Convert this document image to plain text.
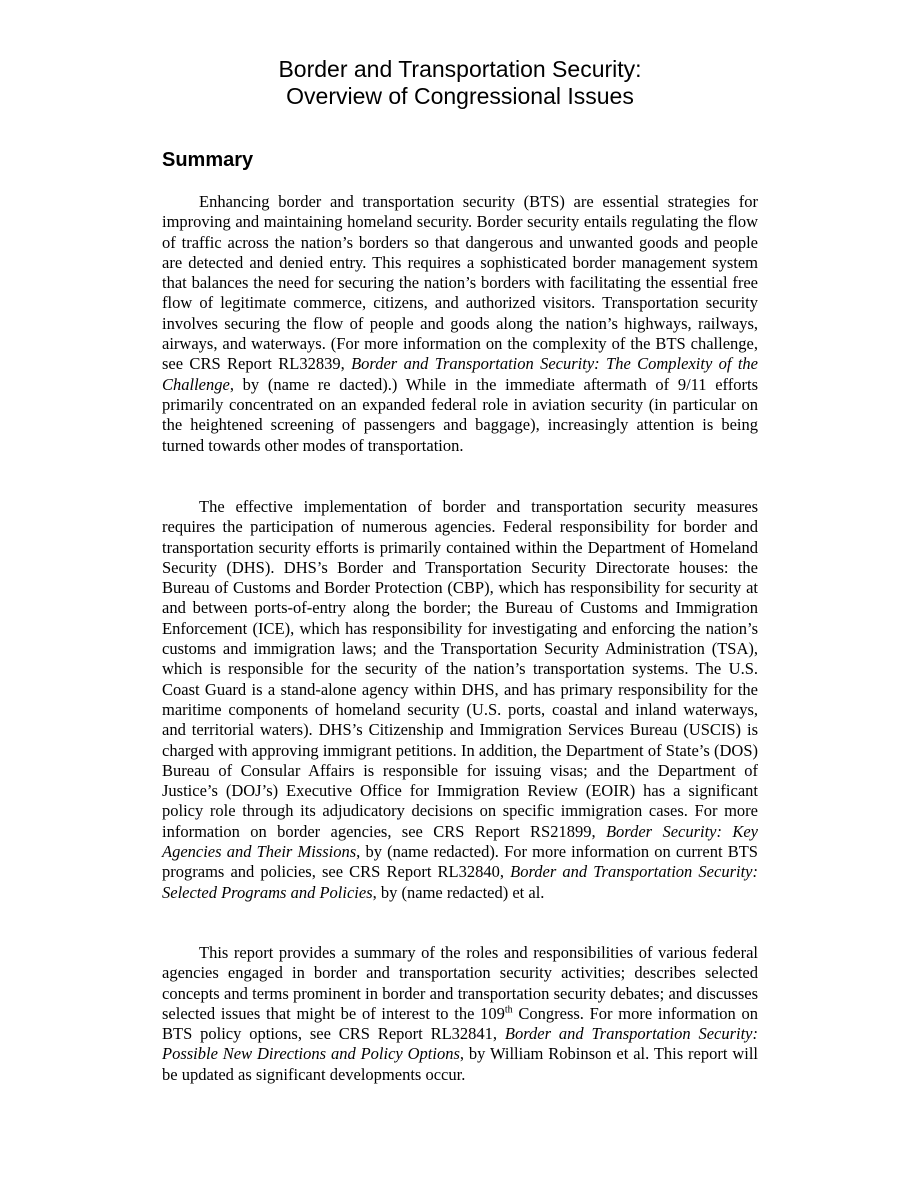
Border and Transportation Security:
Overview of Congressional Issues
Summary

Enhancing border and transportation security (BTS) are essential strategies for improving and maintaining homeland security. Border security entails regulating the flow of traffic across the nation’s borders so that dangerous and unwanted goods and people are detected and denied entry. This requires a sophisticated border management system that balances the need for securing the nation’s borders with facilitating the essential free flow of legitimate commerce, citizens, and authorized visitors. Transportation security involves securing the flow of people and goods along the nation’s highways, railways, airways, and waterways. (For more information on the complexity of the BTS challenge, see CRS Report RL32839, Border and Transportation Security: The Complexity of the Challenge, by (name re dacted).) While in the immediate aftermath of 9/11 efforts primarily concentrated on an expanded federal role in aviation security (in particular on the heightened screening of passengers and baggage), increasingly attention is being turned towards other modes of transportation.

The effective implementation of border and transportation security measures requires the participation of numerous agencies. Federal responsibility for border and transportation security efforts is primarily contained within the Department of Homeland Security (DHS). DHS’s Border and Transportation Security Directorate houses: the Bureau of Customs and Border Protection (CBP), which has responsibility for security at and between ports-of-entry along the border; the Bureau of Customs and Immigration Enforcement (ICE), which has responsibility for investigating and enforcing the nation’s customs and immigration laws; and the Transportation Security Administration (TSA), which is responsible for the security of the nation’s transportation systems. The U.S. Coast Guard is a stand-alone agency within DHS, and has primary responsibility for the maritime components of homeland security (U.S. ports, coastal and inland waterways, and territorial waters). DHS’s Citizenship and Immigration Services Bureau (USCIS) is charged with approving immigrant petitions. In addition, the Department of State’s (DOS) Bureau of Consular Affairs is responsible for issuing visas; and the Department of Justice’s (DOJ’s) Executive Office for Immigration Review (EOIR) has a significant policy role through its adjudicatory decisions on specific immigration cases. For more information on border agencies, see CRS Report RS21899, Border Security: Key Agencies and Their Missions, by (name redacted). For more information on current BTS programs and policies, see CRS Report RL32840, Border and Transportation Security: Selected Programs and Policies, by (name redacted) et al.

This report provides a summary of the roles and responsibilities of various federal agencies engaged in border and transportation security activities; describes selected concepts and terms prominent in border and transportation security debates; and discusses selected issues that might be of interest to the 109th Congress. For more information on BTS policy options, see CRS Report RL32841, Border and Transportation Security: Possible New Directions and Policy Options, by William Robinson et al. This report will be updated as significant developments occur.
